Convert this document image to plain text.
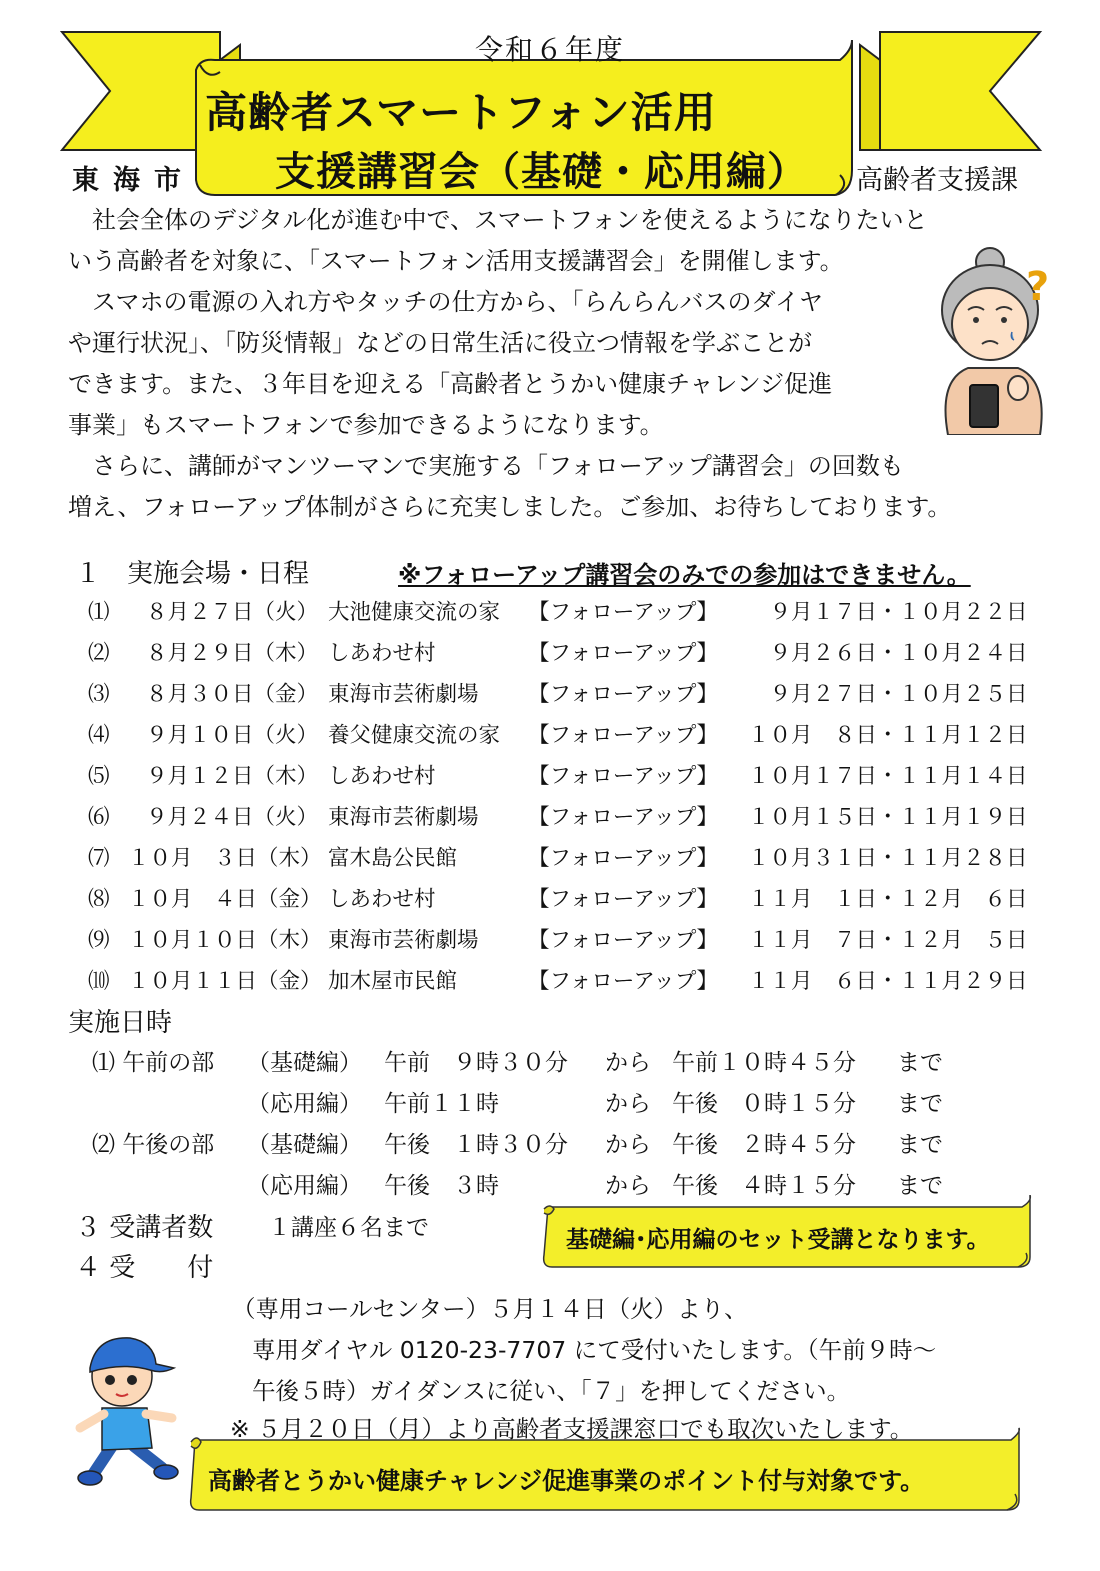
令和６年度
高齢者スマートフォン活用
支援講習会（基礎・応用編）
東海市	高齢者支援課
　社会全体のデジタル化が進む中で、スマートフォンを使えるようになりたいと
いう高齢者を対象に、「スマートフォン活用支援講習会」を開催します。
　スマホの電源の入れ方やタッチの仕方から、「らんらんバスのダイヤ
や運行状況」、「防災情報」などの日常生活に役立つ情報を学ぶことが
できます。また、３年目を迎える「高齢者とうかい健康チャレンジ促進
事業」もスマートフォンで参加できるようになります。
　さらに、講師がマンツーマンで実施する「フォローアップ講習会」の回数も
増え、フォローアップ体制がさらに充実しました。ご参加、お待ちしております。
?
１　実施会場・日程	※フォローアップ講習会のみでの参加はできません。
⑴ ８月２７日（火） 大池健康交流の家 【フォローアップ】 　９月１７日・１０月２２日
⑵ ８月２９日（木） しあわせ村	【フォローアップ】 　９月２６日・１０月２４日
⑶ ８月３０日（金） 東海市芸術劇場 【フォローアップ】 　９月２７日・１０月２５日
⑷ ９月１０日（火） 養父健康交流の家 【フォローアップ】 １０月　８日・１１月１２日
⑸ ９月１２日（木） しあわせ村	【フォローアップ】 １０月１７日・１１月１４日
⑹ ９月２４日（火） 東海市芸術劇場 【フォローアップ】 １０月１５日・１１月１９日
⑺ １０月　３日（木） 富木島公民館	【フォローアップ】 １０月３１日・１１月２８日
⑻ １０月　４日（金） しあわせ村	【フォローアップ】 １１月　１日・１２月　６日
⑼ １０月１０日（木） 東海市芸術劇場 【フォローアップ】 １１月　７日・１２月　５日
⑽ １０月１１日（金） 加木屋市民館	【フォローアップ】 １１月　６日・１１月２９日
実施日時
⑴ 午前の部 （基礎編） 午前　９時３０分 から 午前１０時４５分 まで
（応用編） 午前１１時	から 午後　０時１５分 まで
⑵ 午後の部 （基礎編） 午後　１時３０分 から 午後　２時４５分 まで
（応用編） 午後　３時	から 午後　４時１５分 まで
３ 受講者数 １講座６名まで	基礎編･応用編のセット受講となります。
４ 受　　付
（専用コールセンター）５月１４日（火）より、
専用ダイヤル 0120-23-7707 にて受付いたします。（午前９時～
午後５時）ガイダンスに従い、「７」を押してください。
※ ５月２０日（月）より高齢者支援課窓口でも取次いたします。
高齢者とうかい健康チャレンジ促進事業のポイント付与対象です。
